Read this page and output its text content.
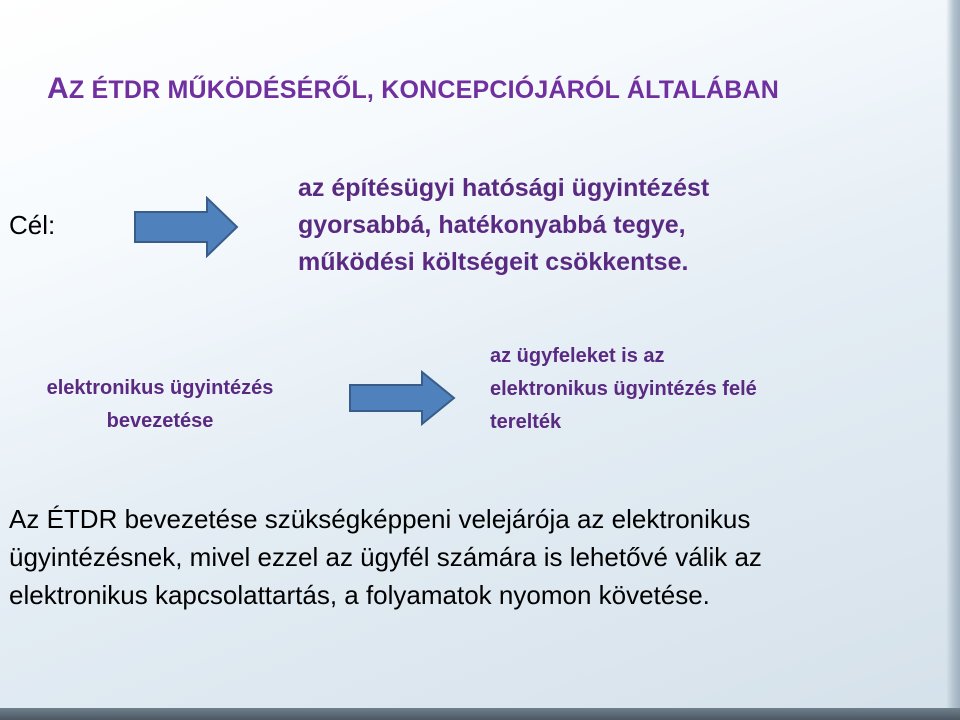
AZ ÉTDR MŰKÖDÉSÉRŐL, KONCEPCIÓJÁRÓL ÁLTALÁBAN
Cél:
az építésügyi hatósági ügyintézést
gyorsabbá, hatékonyabbá tegye,
működési költségeit csökkentse.
elektronikus ügyintézés
bevezetése
az ügyfeleket is az
elektronikus ügyintézés felé
terelték
Az ÉTDR bevezetése szükségképpeni velejárója az elektronikus
ügyintézésnek, mivel ezzel az ügyfél számára is lehetővé válik az
elektronikus kapcsolattartás, a folyamatok nyomon követése.
